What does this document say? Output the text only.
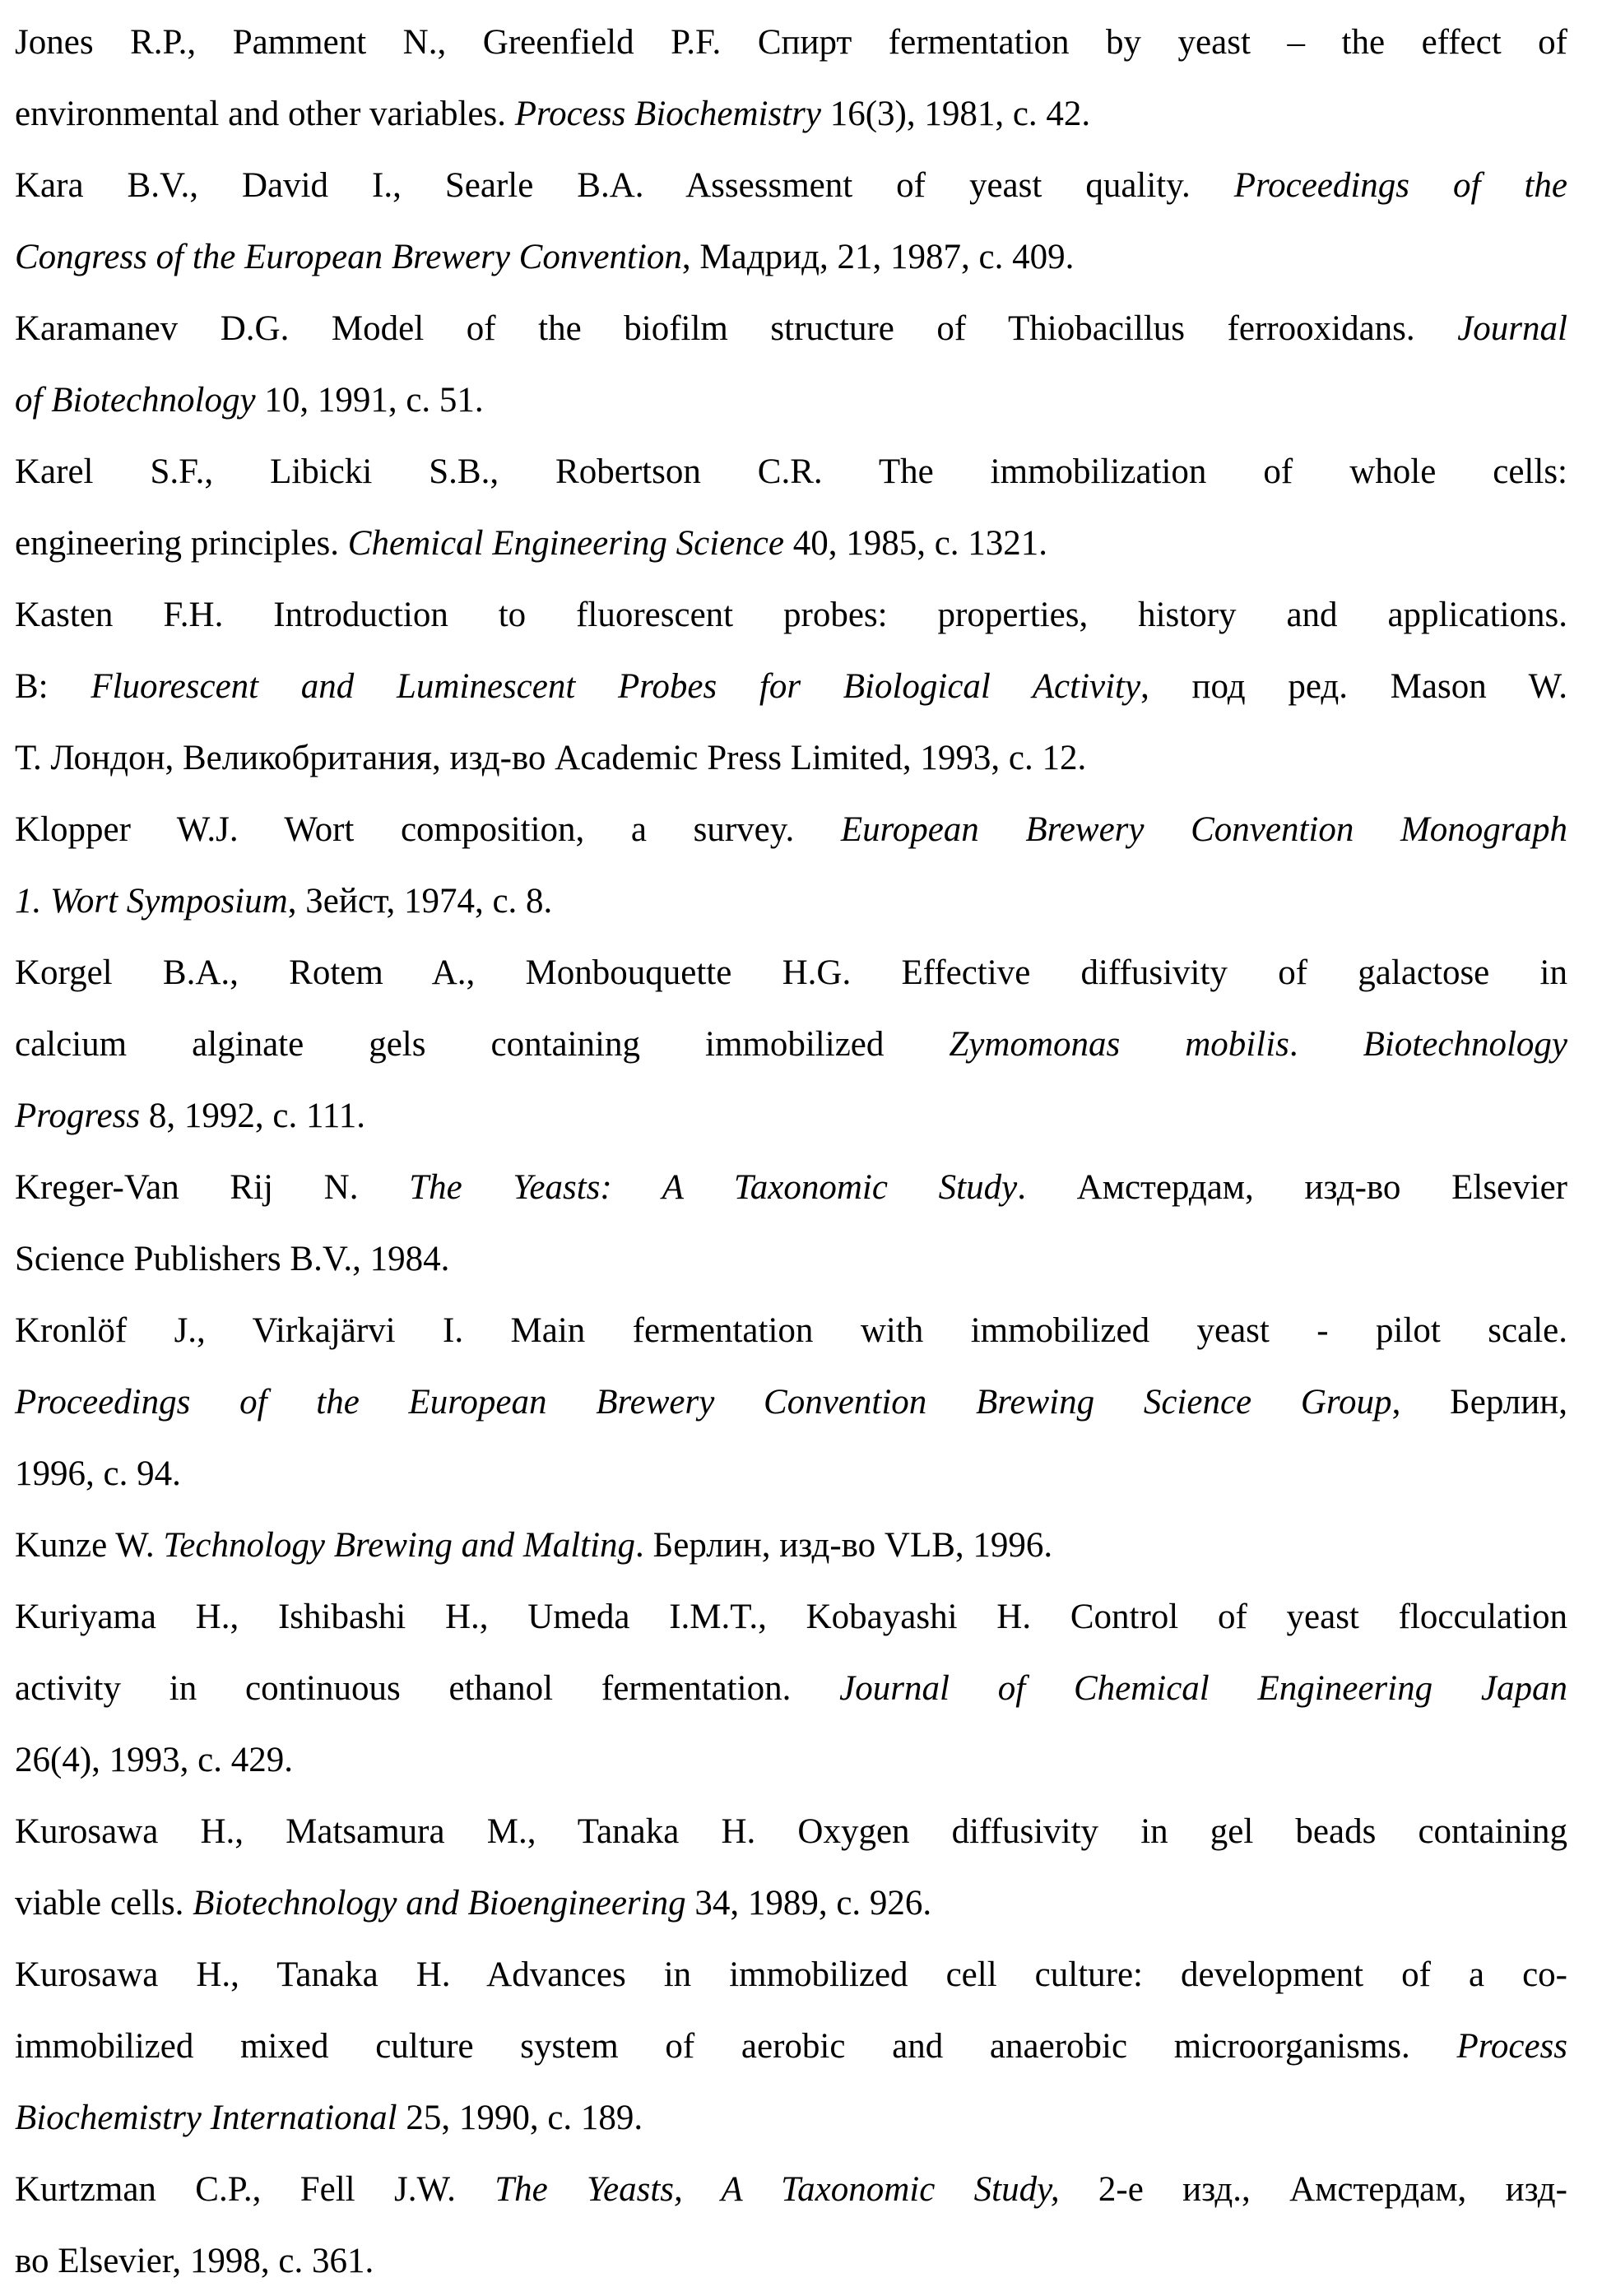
Jones R.P., Pamment N., Greenfield P.F. Спирт fermentation by yeast – the effect of
environmental and other variables. Process Biochemistry 16(3), 1981, c. 42.
Kara B.V., David I., Searle B.A. Assessment of yeast quality. Proceedings of the
Congress of the European Brewery Convention, Мадрид, 21, 1987, c. 409.
Karamanev D.G. Model of the biofilm structure of Thiobacillus ferrooxidans. Journal
of Biotechnology 10, 1991, c. 51.
Karel S.F., Libicki S.B., Robertson C.R. The immobilization of whole cells:
engineering principles. Chemical Engineering Science 40, 1985, c. 1321.
Kasten F.H. Introduction to fluorescent probes: properties, history and applications.
В: Fluorescent and Luminescent Probes for Biological Activity, под ред. Mason W.
Т. Лондон, Великобритания, изд-во Academic Press Limited, 1993, c. 12.
Klopper W.J. Wort composition, a survey. European Brewery Convention Monograph
1. Wort Symposium, Зейст, 1974, c. 8.
Korgel B.A., Rotem A., Monbouquette H.G. Effective diffusivity of galactose in
calcium alginate gels containing immobilized Zymomonas mobilis. Biotechnology
Progress 8, 1992, c. 111.
Kreger-Van Rij N. The Yeasts: A Taxonomic Study. Амстердам, изд-во Elsevier
Science Publishers B.V., 1984.
Kronlöf J., Virkajärvi I. Main fermentation with immobilized yeast - pilot scale.
Proceedings of the European Brewery Convention Brewing Science Group, Берлин,
1996, c. 94.
Kunze W. Technology Brewing and Malting. Берлин, изд-во VLB, 1996.
Kuriyama H., Ishibashi H., Umeda I.M.T., Kobayashi H. Control of yeast flocculation
activity in continuous ethanol fermentation. Journal of Chemical Engineering Japan
26(4), 1993, c. 429.
Kurosawa H., Matsamura M., Tanaka H. Oxygen diffusivity in gel beads containing
viable cells. Biotechnology and Bioengineering 34, 1989, c. 926.
Kurosawa H., Tanaka H. Advances in immobilized cell culture: development of a co-
immobilized mixed culture system of aerobic and anaerobic microorganisms. Process
Biochemistry International 25, 1990, c. 189.
Kurtzman C.P., Fell J.W. The Yeasts, A Taxonomic Study, 2-е изд., Амстердам, изд-
во Elsevier, 1998, c. 361.
